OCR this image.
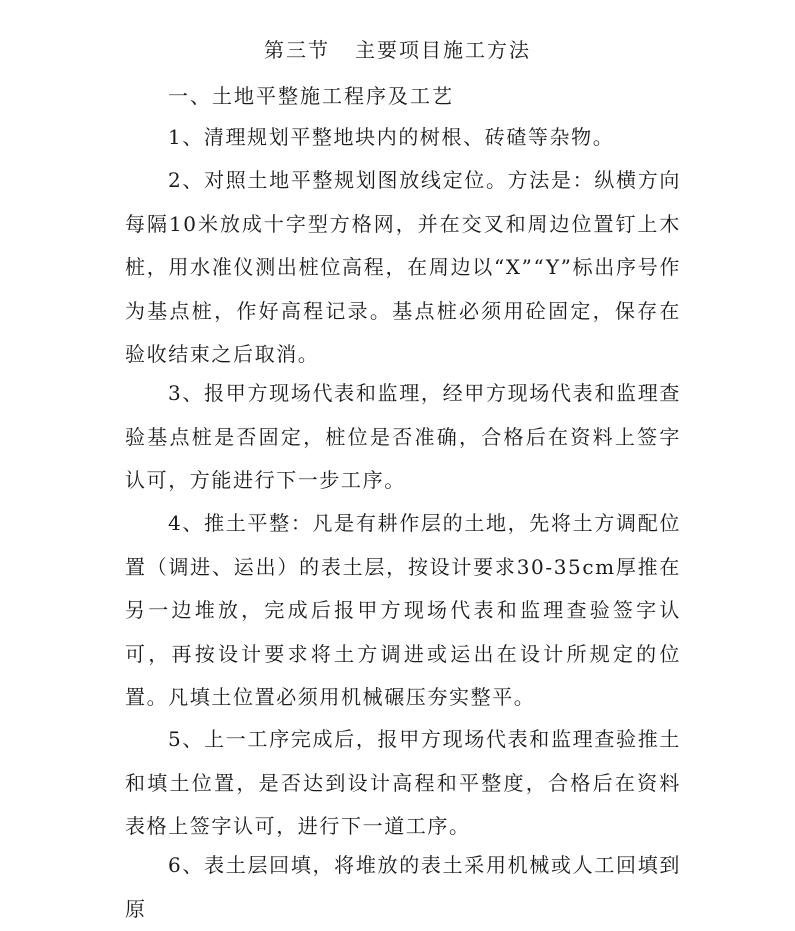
第三节   主要项目施工方法
一、土地平整施工程序及工艺
1、清理规划平整地块内的树根、砖碴等杂物。
2、对照土地平整规划图放线定位。方法是：纵横方向每隔10米放成十字型方格网，并在交叉和周边位置钉上木桩，用水准仪测出桩位高程，在周边以“X”“Y”标出序号作为基点桩，作好高程记录。基点桩必须用砼固定，保存在验收结束之后取消。
3、报甲方现场代表和监理，经甲方现场代表和监理查验基点桩是否固定，桩位是否准确，合格后在资料上签字认可，方能进行下一步工序。
4、推土平整：凡是有耕作层的土地，先将土方调配位置（调进、运出）的表土层，按设计要求30-35cm厚推在另一边堆放，完成后报甲方现场代表和监理查验签字认可，再按设计要求将土方调进或运出在设计所规定的位置。凡填土位置必须用机械碾压夯实整平。
5、上一工序完成后，报甲方现场代表和监理查验推土和填土位置，是否达到设计高程和平整度，合格后在资料表格上签字认可，进行下一道工序。
6、表土层回填，将堆放的表土采用机械或人工回填到原
